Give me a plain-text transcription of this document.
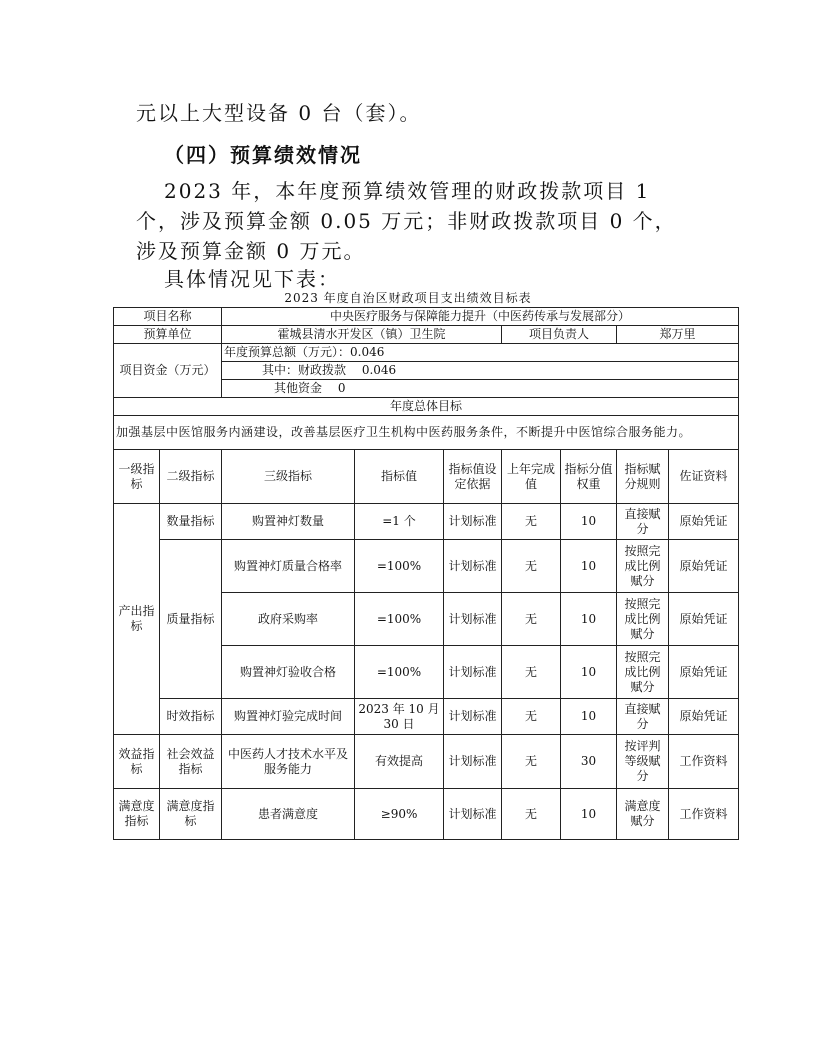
元以上大型设备 0 台（套）。
（四）预算绩效情况
2023 年，本年度预算绩效管理的财政拨款项目 1
个，涉及预算金额 0.05 万元；非财政拨款项目 0 个，
涉及预算金额 0 万元。
具体情况见下表：
2023 年度自治区财政项目支出绩效目标表
项目名称		中央医疗服务与保障能力提升（中医药传承与发展部分）						
预算单位		霍城县清水开发区（镇）卫生院			项目负责人		郑万里	
项目资金（万元）		年度预算总额（万元）：0.046						
		其中：财政拨款　 0.046						
		其他资金　 0						
年度总体目标								
加强基层中医馆服务内涵建设，改善基层医疗卫生机构中医药服务条件，不断提升中医馆综合服务能力。								
一级指标	二级指标	三级指标	指标值	指标值设定依据	上年完成值	指标分值权重	指标赋分规则	佐证资料
产出指标	数量指标	购置神灯数量	=1 个	计划标准	无	10	直接赋分	原始凭证
	质量指标	购置神灯质量合格率	=100%	计划标准	无	10	按照完成比例赋分	原始凭证
		政府采购率	=100%	计划标准	无	10	按照完成比例赋分	原始凭证
		购置神灯验收合格	=100%	计划标准	无	10	按照完成比例赋分	原始凭证
	时效指标	购置神灯验完成时间	2023 年 10 月 30 日	计划标准	无	10	直接赋分	原始凭证
效益指标	社会效益指标	中医药人才技术水平及服务能力	有效提高	计划标准	无	30	按评判等级赋分	工作资料
满意度指标	满意度指标	患者满意度	≥90%	计划标准	无	10	满意度赋分	工作资料
